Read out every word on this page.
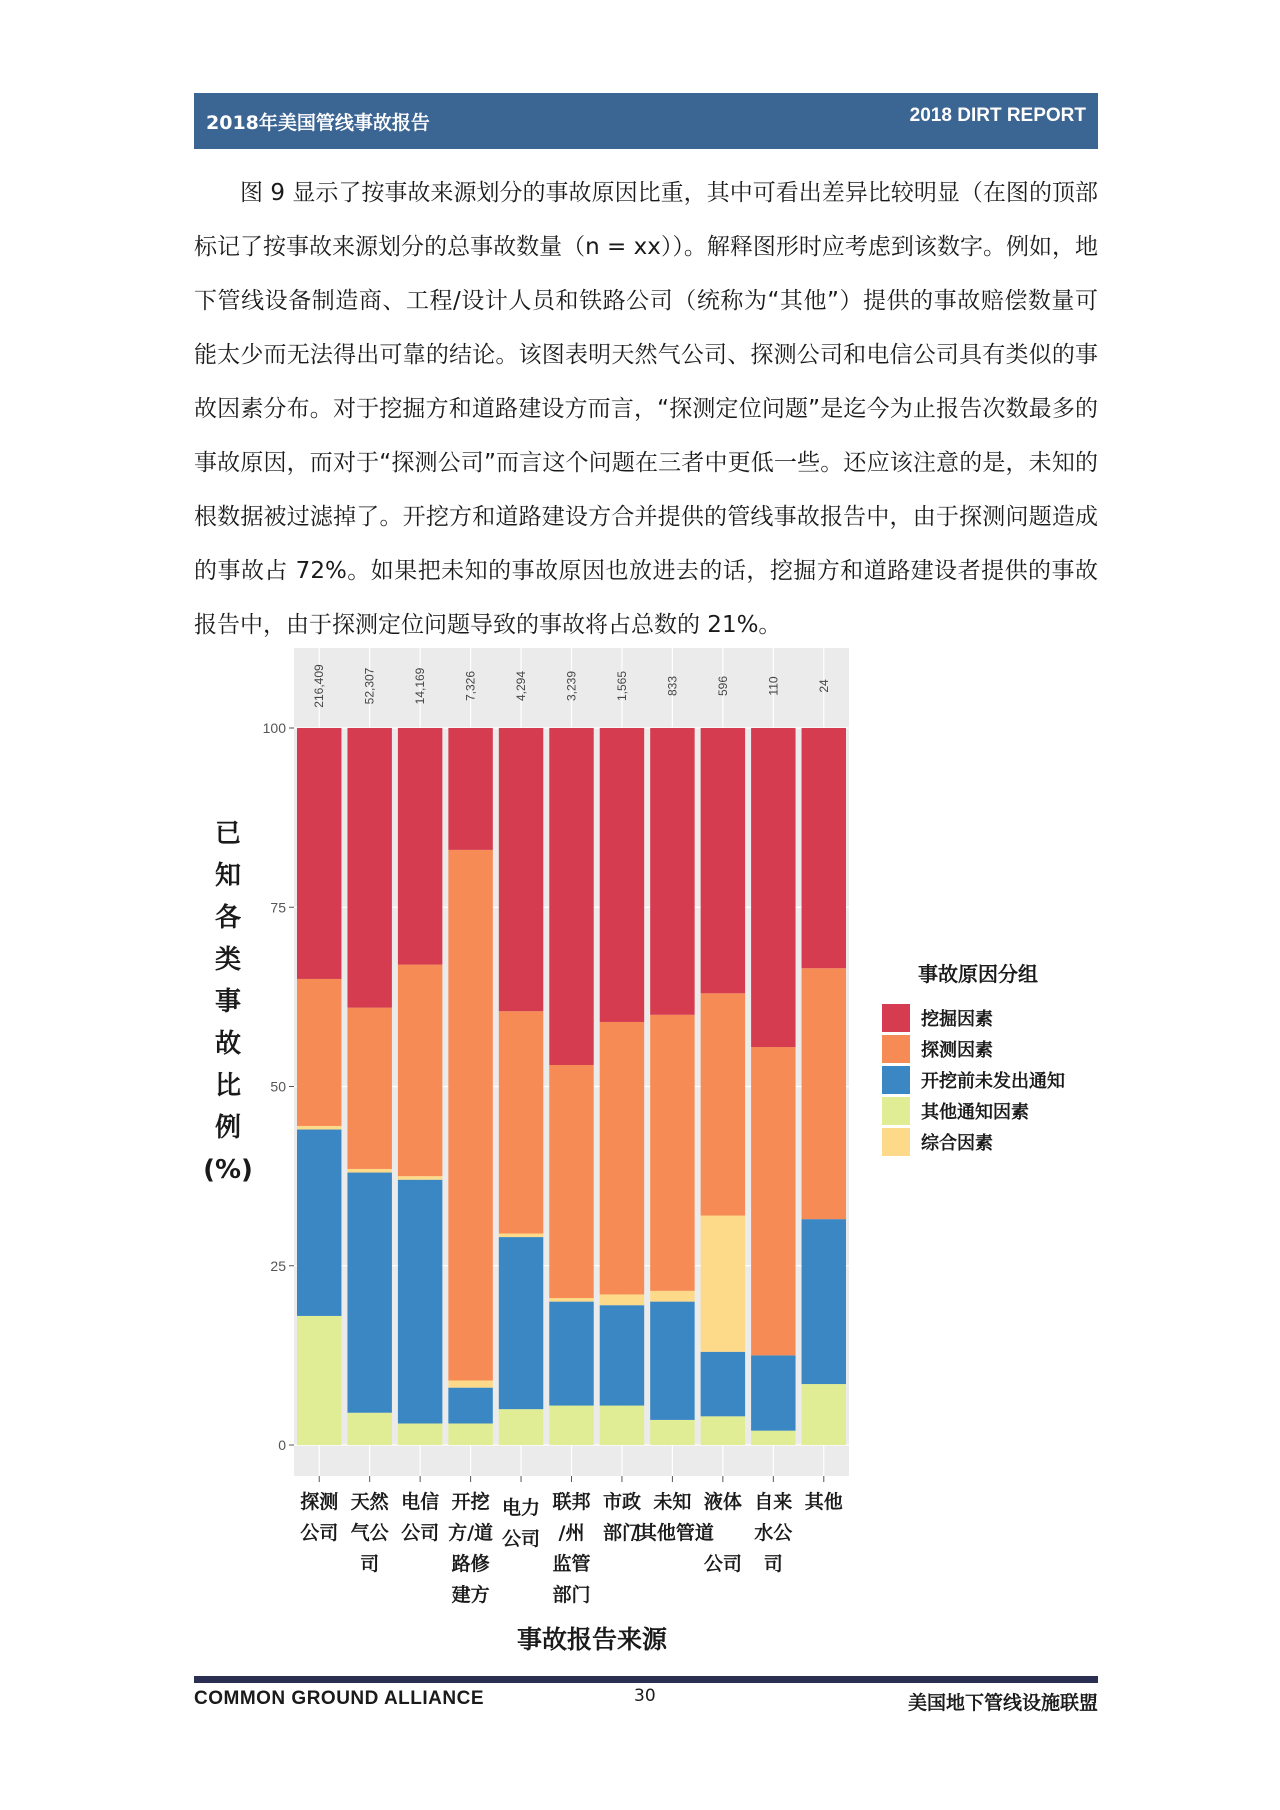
2018年美国管线事故报告	2018 DIRT REPORT

图 9 显示了按事故来源划分的事故原因比重，其中可看出差异比较明显（在图的顶部标记了按事故来源划分的总事故数量（n = xx））。解释图形时应考虑到该数字。例如，地下管线设备制造商、工程/设计人员和铁路公司（统称为“其他”）提供的事故赔偿数量可能太少而无法得出可靠的结论。该图表明天然气公司、探测公司和电信公司具有类似的事故因素分布。对于挖掘方和道路建设方而言，“探测定位问题”是迄今为止报告次数最多的事故原因，而对于“探测公司”而言这个问题在三者中更低一些。还应该注意的是，未知的根数据被过滤掉了。开挖方和道路建设方合并提供的管线事故报告中，由于探测问题造成的事故占 72%。如果把未知的事故原因也放进去的话，挖掘方和道路建设者提供的事故报告中，由于探测定位问题导致的事故将占总数的 21%。

216,409	52,307	14,169	7,326	4,294	3,239	1,565	833	596	110	24
0
25
50
75
100
探测
公司
天然
气公
司
电信
公司
开挖
方/道
路修
建方
电力
公司
联邦
/州
监管
部门
市政
部门
未知
/其他管道
液体
公司
自来
水公
司
其他
事故报告来源
已
知
各
类
事
故
比
例
(%)
事故原因分组
挖掘因素
探测因素
开挖前未发出通知
其他通知因素
综合因素
COMMON GROUND ALLIANCE	30	美国地下管线设施联盟
